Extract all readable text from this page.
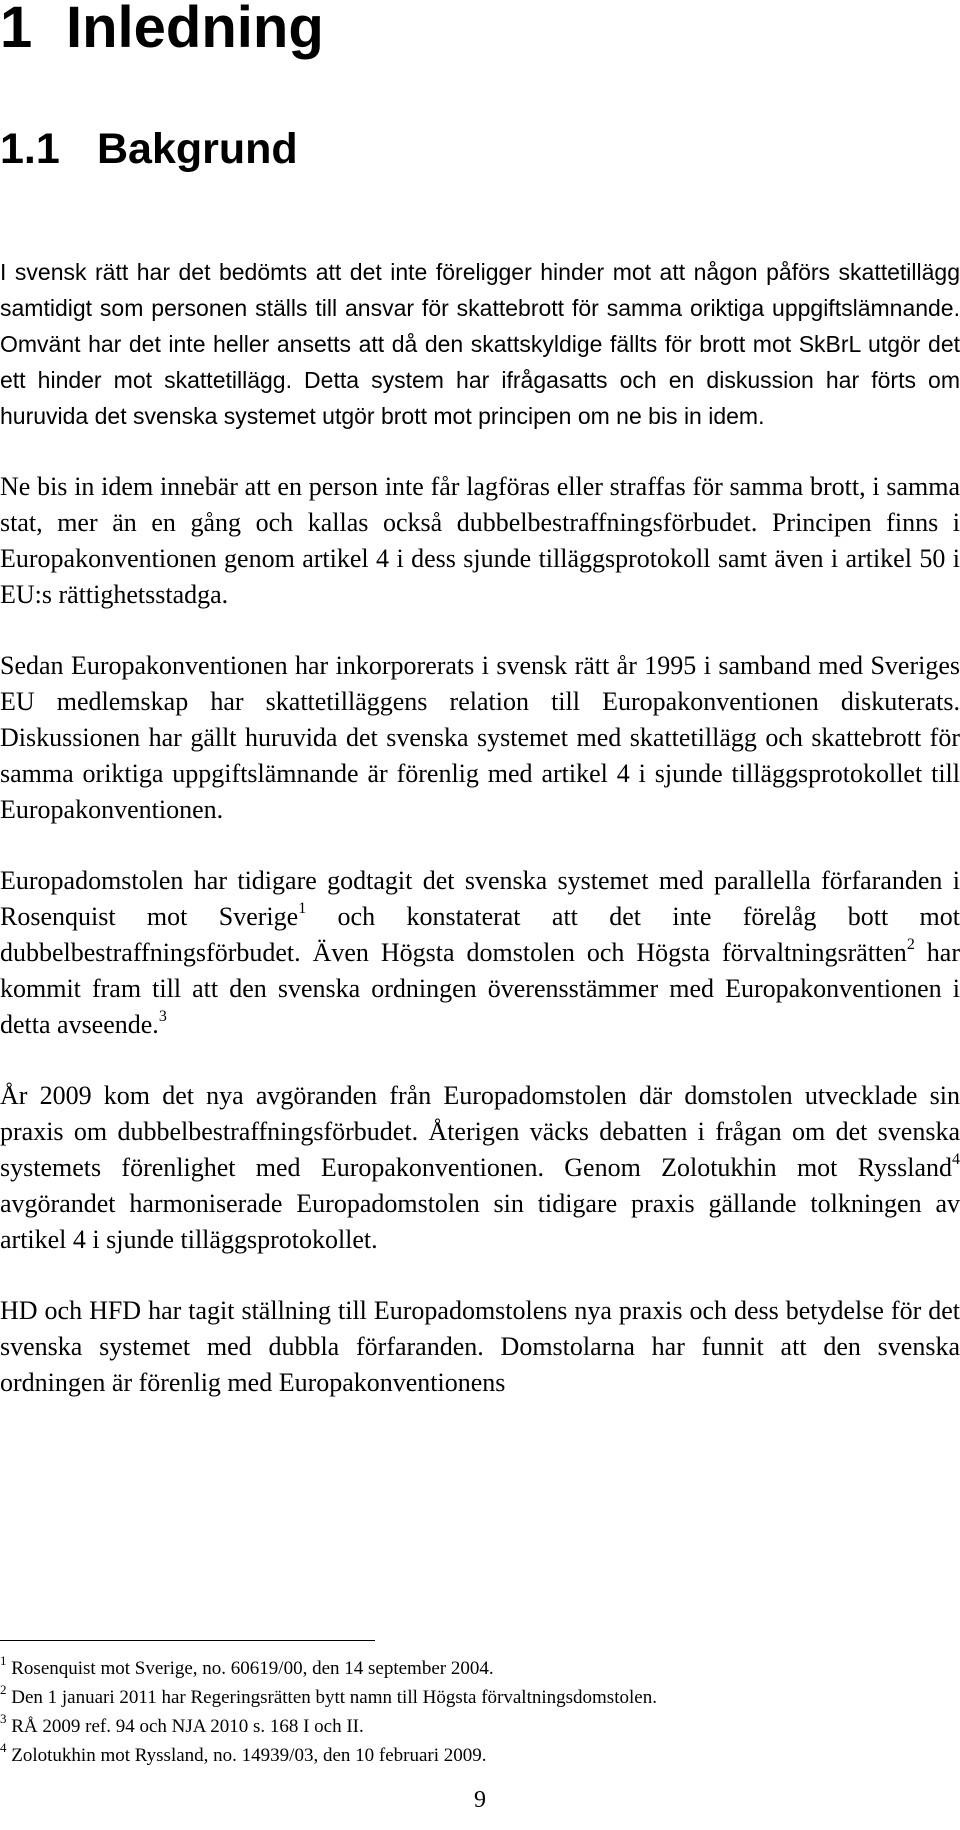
1 Inledning
1.1 Bakgrund

I svensk rätt har det bedömts att det inte föreligger hinder mot att någon påförs skattetillägg samtidigt som personen ställs till ansvar för skattebrott för samma oriktiga uppgiftslämnande. Omvänt har det inte heller ansetts att då den skattskyldige fällts för brott mot SkBrL utgör det ett hinder mot skattetillägg. Detta system har ifrågasatts och en diskussion har förts om huruvida det svenska systemet utgör brott mot principen om ne bis in idem.

Ne bis in idem innebär att en person inte får lagföras eller straffas för samma brott, i samma stat, mer än en gång och kallas också dubbelbestraffningsförbudet. Principen finns i Europakonventionen genom artikel 4 i dess sjunde tilläggsprotokoll samt även i artikel 50 i EU:s rättighetsstadga.

Sedan Europakonventionen har inkorporerats i svensk rätt år 1995 i samband med Sveriges EU medlemskap har skattetilläggens relation till Europakonventionen diskuterats. Diskussionen har gällt huruvida det svenska systemet med skattetillägg och skattebrott för samma oriktiga uppgiftslämnande är förenlig med artikel 4 i sjunde tilläggsprotokollet till Europakonventionen.

Europadomstolen har tidigare godtagit det svenska systemet med parallella förfaranden i Rosenquist mot Sverige$^1$ och konstaterat att det inte förelåg bott mot dubbelbestraffningsförbudet. Även Högsta domstolen och Högsta förvaltningsrätten$^2$ har kommit fram till att den svenska ordningen överensstämmer med Europakonventionen i detta avseende.$^3$

År 2009 kom det nya avgöranden från Europadomstolen där domstolen utvecklade sin praxis om dubbelbestraffningsförbudet. Återigen väcks debatten i frågan om det svenska systemets förenlighet med Europakonventionen. Genom Zolotukhin mot Ryssland$^4$ avgörandet harmoniserade Europadomstolen sin tidigare praxis gällande tolkningen av artikel 4 i sjunde tilläggsprotokollet.

HD och HFD har tagit ställning till Europadomstolens nya praxis och dess betydelse för det svenska systemet med dubbla förfaranden. Domstolarna har funnit att den svenska ordningen är förenlig med Europakonventionens

$^1$ Rosenquist mot Sverige, no. 60619/00, den 14 september 2004.
$^2$ Den 1 januari 2011 har Regeringsrätten bytt namn till Högsta förvaltningsdomstolen.
$^3$ RÅ 2009 ref. 94 och NJA 2010 s. 168 I och II.
$^4$ Zolotukhin mot Ryssland, no. 14939/03, den 10 februari 2009.
9
